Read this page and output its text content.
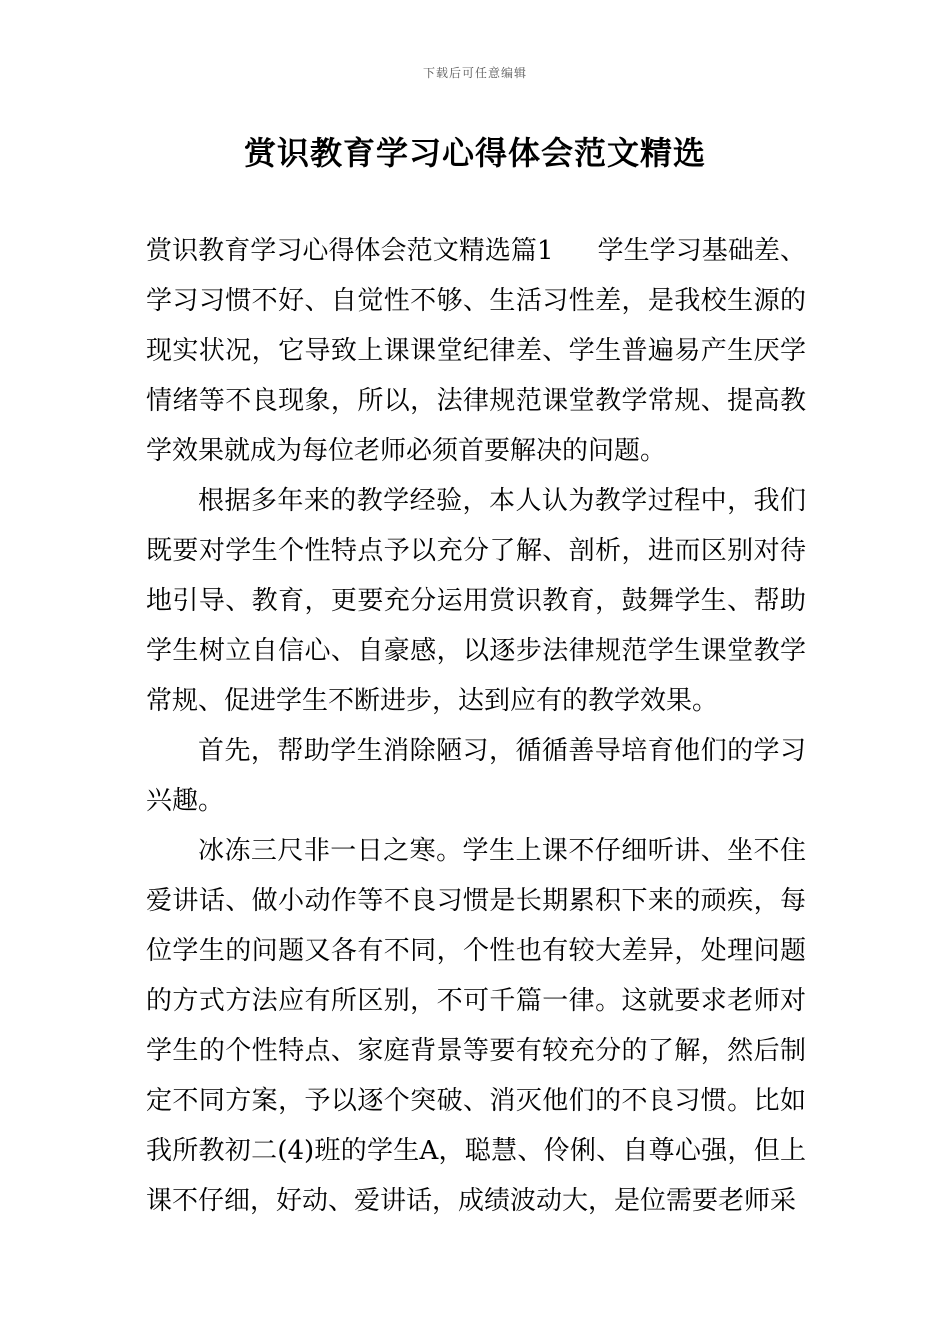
下载后可任意编辑
赏识教育学习心得体会范文精选

赏识教育学习心得体会范文精选篇1 学生学习基础差、学习习惯不好、自觉性不够、生活习性差，是我校生源的现实状况，它导致上课课堂纪律差、学生普遍易产生厌学情绪等不良现象，所以，法律规范课堂教学常规、提高教学效果就成为每位老师必须首要解决的问题。

根据多年来的教学经验，本人认为教学过程中，我们既要对学生个性特点予以充分了解、剖析，进而区别对待地引导、教育，更要充分运用赏识教育，鼓舞学生、帮助学生树立自信心、自豪感，以逐步法律规范学生课堂教学常规、促进学生不断进步，达到应有的教学效果。

首先，帮助学生消除陋习，循循善导培育他们的学习兴趣。

冰冻三尺非一日之寒。学生上课不仔细听讲、坐不住爱讲话、做小动作等不良习惯是长期累积下来的顽疾，每位学生的问题又各有不同，个性也有较大差异，处理问题的方式方法应有所区别，不可千篇一律。这就要求老师对学生的个性特点、家庭背景等要有较充分的了解，然后制定不同方案，予以逐个突破、消灭他们的不良习惯。比如我所教初二(4)班的学生A，聪慧、伶俐、自尊心强，但上课不仔细，好动、爱讲话，成绩波动大，是位需要老师采
